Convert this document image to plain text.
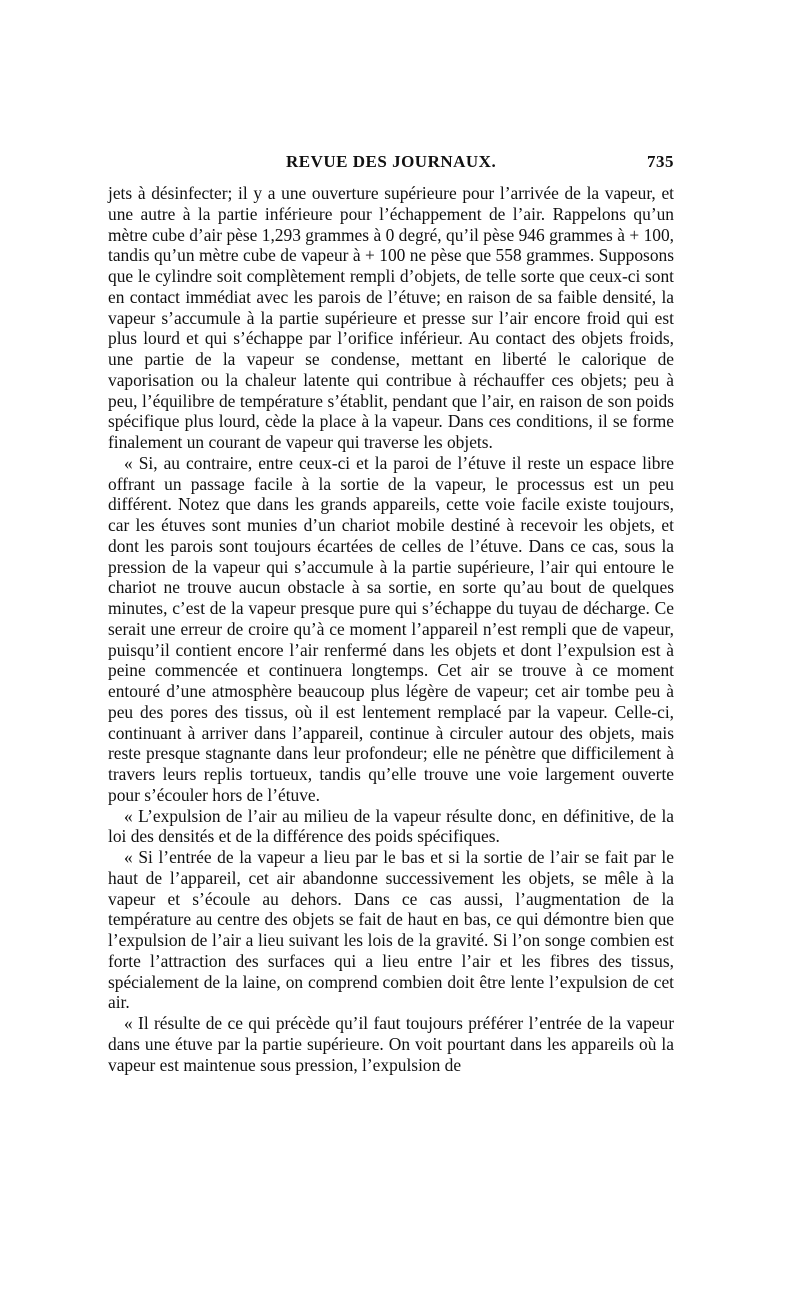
REVUE DES JOURNAUX.	735

jets à désinfecter; il y a une ouverture supérieure pour l’arrivée de la vapeur, et une autre à la partie inférieure pour l’échappement de l’air. Rappelons qu’un mètre cube d’air pèse 1,293 grammes à 0 degré, qu’il pèse 946 grammes à + 100, tandis qu’un mètre cube de vapeur à + 100 ne pèse que 558 grammes. Supposons que le cylindre soit complètement rempli d’objets, de telle sorte que ceux-ci sont en contact immédiat avec les parois de l’étuve; en raison de sa faible densité, la vapeur s’accumule à la partie supérieure et presse sur l’air encore froid qui est plus lourd et qui s’échappe par l’orifice inférieur. Au contact des objets froids, une partie de la vapeur se condense, mettant en liberté le calorique de vaporisation ou la chaleur latente qui contribue à réchauffer ces objets; peu à peu, l’équilibre de température s’établit, pendant que l’air, en raison de son poids spécifique plus lourd, cède la place à la vapeur. Dans ces conditions, il se forme finalement un courant de vapeur qui traverse les objets.

« Si, au contraire, entre ceux-ci et la paroi de l’étuve il reste un espace libre offrant un passage facile à la sortie de la vapeur, le processus est un peu différent. Notez que dans les grands appareils, cette voie facile existe toujours, car les étuves sont munies d’un chariot mobile destiné à recevoir les objets, et dont les parois sont toujours écartées de celles de l’étuve. Dans ce cas, sous la pression de la vapeur qui s’accumule à la partie supérieure, l’air qui entoure le chariot ne trouve aucun obstacle à sa sortie, en sorte qu’au bout de quelques minutes, c’est de la vapeur presque pure qui s’échappe du tuyau de décharge. Ce serait une erreur de croire qu’à ce moment l’appareil n’est rempli que de vapeur, puisqu’il contient encore l’air renfermé dans les objets et dont l’expulsion est à peine commencée et continuera longtemps. Cet air se trouve à ce moment entouré d’une atmosphère beaucoup plus légère de vapeur; cet air tombe peu à peu des pores des tissus, où il est lentement remplacé par la vapeur. Celle-ci, continuant à arriver dans l’appareil, continue à circuler autour des objets, mais reste presque stagnante dans leur profondeur; elle ne pénètre que difficilement à travers leurs replis tortueux, tandis qu’elle trouve une voie largement ouverte pour s’écouler hors de l’étuve.

« L’expulsion de l’air au milieu de la vapeur résulte donc, en définitive, de la loi des densités et de la différence des poids spécifiques.

« Si l’entrée de la vapeur a lieu par le bas et si la sortie de l’air se fait par le haut de l’appareil, cet air abandonne successivement les objets, se mêle à la vapeur et s’écoule au dehors. Dans ce cas aussi, l’augmentation de la température au centre des objets se fait de haut en bas, ce qui démontre bien que l’expulsion de l’air a lieu suivant les lois de la gravité. Si l’on songe combien est forte l’attraction des surfaces qui a lieu entre l’air et les fibres des tissus, spécialement de la laine, on comprend combien doit être lente l’expulsion de cet air.

« Il résulte de ce qui précède qu’il faut toujours préférer l’entrée de la vapeur dans une étuve par la partie supérieure. On voit pourtant dans les appareils où la vapeur est maintenue sous pression, l’expulsion de
